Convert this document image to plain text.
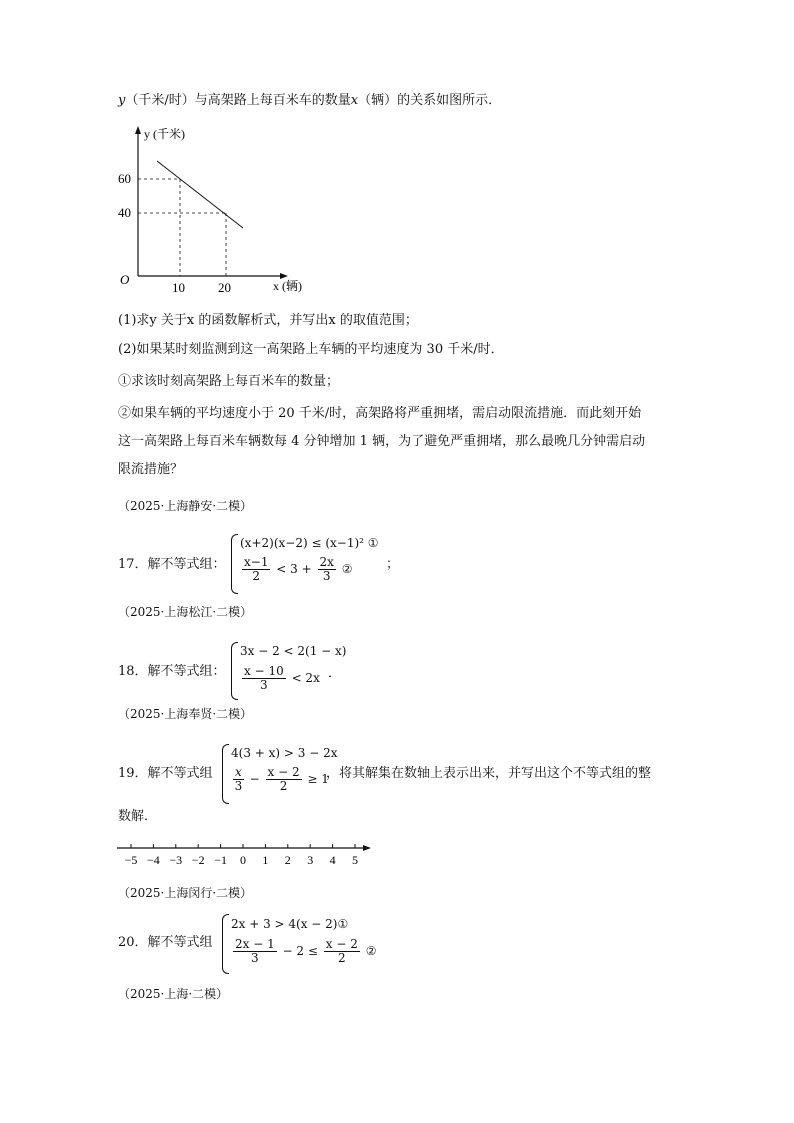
y（千米/时）与高架路上每百米车的数量x（辆）的关系如图所示．
y (千米)
x (辆)
O
60
40
10	20
(1)求y 关于x 的函数解析式，并写出x 的取值范围；
(2)如果某时刻监测到这一高架路上车辆的平均速度为 30 千米/时．
①求该时刻高架路上每百米车的数量；
②如果车辆的平均速度小于 20 千米/时，高架路将严重拥堵，需启动限流措施．而此刻开始
这一高架路上每百米车辆数每 4 分钟增加 1 辆，为了避免严重拥堵，那么最晚几分钟需启动
限流措施？
（2025·上海静安·二模）
17．解不等式组：
(x+2)(x−2) ≤ (x−1)² ①
$\frac{x-1}{2} < 3 + \frac{2x}{3}$ ②	；
（2025·上海松江·二模）
18．解不等式组：
3x − 2 < 2(1 − x)
$\frac{x - 10}{3} < 2x$ ．
（2025·上海奉贤·二模）
19．解不等式组
4(3 + x) > 3 − 2x
$\frac{x}{3} - \frac{x - 2}{2} \ge 1$
，将其解集在数轴上表示出来，并写出这个不等式组的整
数解．
−5 −4 −3 −2 −1 0 1 2 3 4 5
（2025·上海闵行·二模）
20．解不等式组
2x + 3 > 4(x − 2)①
$\frac{2x - 1}{3} - 2 \le \frac{x - 2}{2}$ ②
（2025·上海·二模）
